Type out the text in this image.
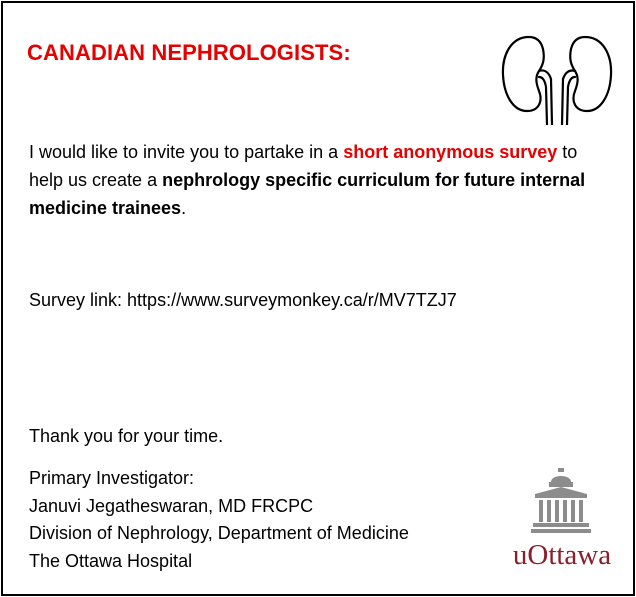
CANADIAN NEPHROLOGISTS:

I would like to invite you to partake in a short anonymous survey to help us create a nephrology specific curriculum for future internal medicine trainees.

Survey link: https://www.surveymonkey.ca/r/MV7TZJ7

Thank you for your time.

Primary Investigator:
Januvi Jegatheswaran, MD FRCPC
Division of Nephrology, Department of Medicine
The Ottawa Hospital	uOttawa
